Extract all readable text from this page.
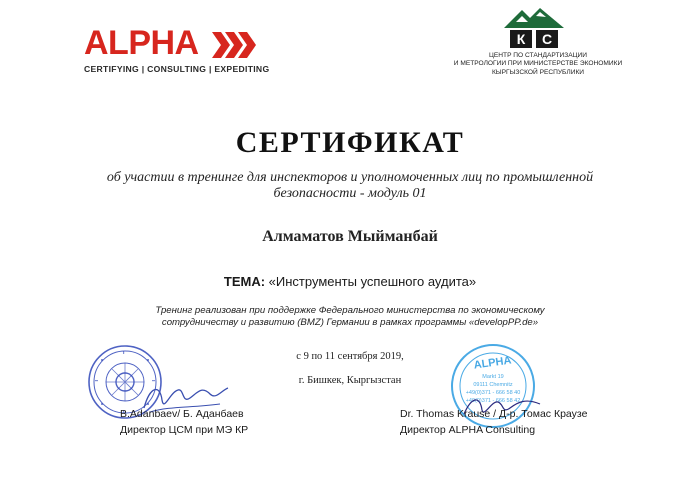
ALPHA
CERTIFYING | CONSULTING | EXPEDITING
К С
ЦЕНТР ПО СТАНДАРТИЗАЦИИ
И МЕТРОЛОГИИ ПРИ МИНИСТЕРСТВЕ ЭКОНОМИКИ
КЫРГЫЗСКОЙ РЕСПУБЛИКИ
СЕРТИФИКАТ
об участии в тренинге для инспекторов и уполномоченных лиц по промышленной безопасности - модуль 01
Алмаматов Мыйманбай
ТЕМА: «Инструменты успешного аудита»
Тренинг реализован при поддержке Федерального министерства по экономическому сотрудничеству и развитию (BMZ) Германии в рамках программы «developPP.de»
с 9 по 11 сентября 2019,
г. Бишкек, Кыргызстан
ALPHA
Markt 19
09111 Chemnitz
+49(0)371 - 666 58 40
+49(0)371 - 666 58 42
B.Adanbaev/ Б. Аданбаев
Директор ЦСМ при МЭ КР
Dr. Thomas Krause / Д-р. Томас Краузе
Директор ALPHA Consulting
